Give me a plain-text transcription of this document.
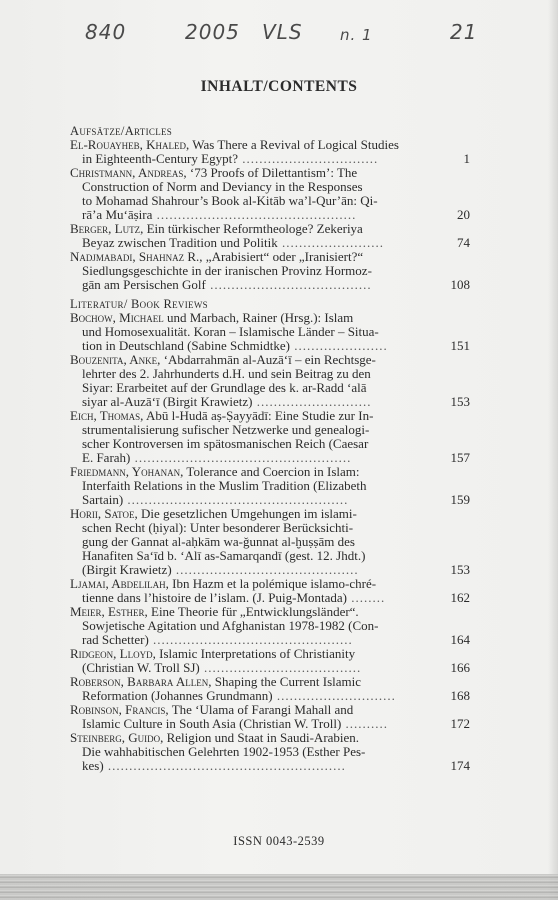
840	2005 VLS n. 1	21
INHALT/CONTENTS
Aufsätze/Articles
El-Rouayheb, Khaled, Was There a Revival of Logical Studies
in Eighteenth-Century Egypt? ................................	1
Christmann, Andreas, ‘73 Proofs of Dilettantism’: The
Construction of Norm and Deviancy in the Responses
to Mohamad Shahrour’s Book al-Kitāb wa’l-Qur’ān: Qi-
rā’a Mu‘āṣira ...............................................	20
Berger, Lutz, Ein türkischer Reformtheologe? Zekeriya
Beyaz zwischen Tradition und Politik ........................	74
Nadjmabadi, Shahnaz R., „Arabisiert“ oder „Iranisiert?“
Siedlungsgeschichte in der iranischen Provinz Hormoz-
gān am Persischen Golf ......................................	108
Literatur/ Book Reviews
Bochow, Michael und Marbach, Rainer (Hrsg.): Islam
und Homosexualität. Koran – Islamische Länder – Situa-
tion in Deutschland (Sabine Schmidtke) ......................	151
Bouzenita, Anke, ‘Abdarrahmān al-Auzā‘ī – ein Rechtsge-
lehrter des 2. Jahrhunderts d.H. und sein Beitrag zu den
Siyar: Erarbeitet auf der Grundlage des k. ar-Radd ‘alā
siyar al-Auzā‘ī (Birgit Krawietz) ...........................	153
Eich, Thomas, Abū l-Hudā aṣ-Ṣayyādī: Eine Studie zur In-
strumentalisierung sufischer Netzwerke und genealogi-
scher Kontroversen im spätosmanischen Reich (Caesar
E. Farah) ...................................................	157
Friedmann, Yohanan, Tolerance and Coercion in Islam:
Interfaith Relations in the Muslim Tradition (Elizabeth
Sartain) ....................................................	159
Horii, Satoe, Die gesetzlichen Umgehungen im islami-
schen Recht (ḥiyal): Unter besonderer Berücksichti-
gung der Gannat al-aḥkām wa-ǧunnat al-ḫuṣṣām des
Hanafiten Sa‘īd b. ‘Alī as-Samarqandī (gest. 12. Jhdt.)
(Birgit Krawietz) ...........................................	153
Ljamai, Abdelilah, Ibn Hazm et la polémique islamo-chré-
tienne dans l’histoire de l’islam. (J. Puig-Montada) ........	162
Meier, Esther, Eine Theorie für „Entwicklungsländer“.
Sowjetische Agitation und Afghanistan 1978-1982 (Con-
rad Schetter) ...............................................	164
Ridgeon, Lloyd, Islamic Interpretations of Christianity
(Christian W. Troll SJ) .....................................	166
Roberson, Barbara Allen, Shaping the Current Islamic
Reformation (Johannes Grundmann) ............................	168
Robinson, Francis, The ‘Ulama of Farangi Mahall and
Islamic Culture in South Asia (Christian W. Troll) ..........	172
Steinberg, Guido, Religion und Staat in Saudi-Arabien.
Die wahhabitischen Gelehrten 1902-1953 (Esther Pes-
kes) ........................................................	174
ISSN 0043-2539
